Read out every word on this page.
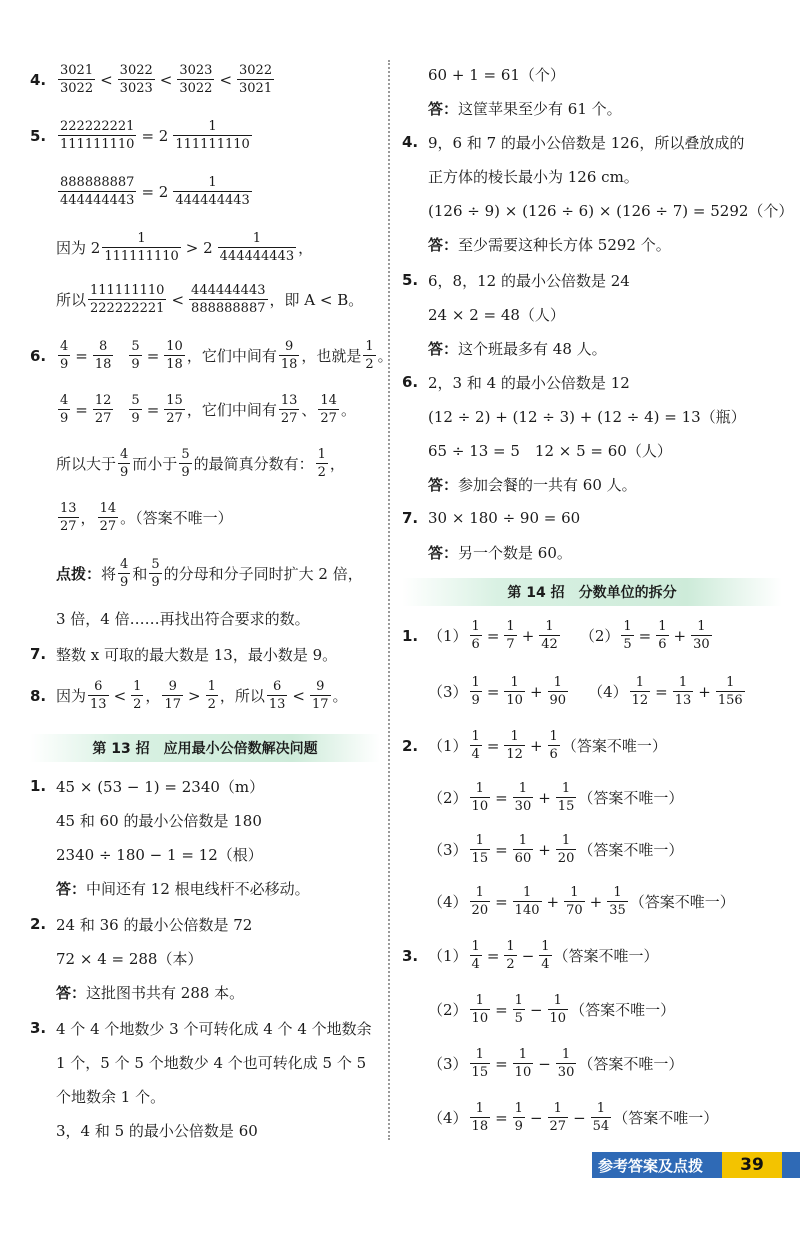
4. $\frac{3021}{3022} < \frac{3022}{3023} < \frac{3023}{3022} < \frac{3022}{3021}$
5. $\frac{222222221}{111111110} = 2 \frac{1}{111111110}$
$\frac{888888887}{444444443} = 2 \frac{1}{444444443}$
因为 $2 \frac{1}{111111110} > 2 \frac{1}{444444443}$ ，
所以 $\frac{111111110}{222222221} < \frac{444444443}{888888887}$ ，即 A < B。
6. $\frac{4}{9} = \frac{8}{18} \frac{5}{9} = \frac{10}{18}$ ，它们中间有 $\frac{9}{18}$ ，也就是 $\frac{1}{2}$ 。
$\frac{4}{9} = \frac{12}{27} \frac{5}{9} = \frac{15}{27}$ ，它们中间有 $\frac{13}{27}$ 、 $\frac{14}{27}$ 。
所以大于 $\frac{4}{9}$ 而小于 $\frac{5}{9}$ 的最简真分数有： $\frac{1}{2}$ ，
$\frac{13}{27}$ ， $\frac{14}{27}$ 。（答案不唯一）
点拨： 将 $\frac{4}{9}$ 和 $\frac{5}{9}$ 的分母和分子同时扩大 2 倍，
3 倍，4 倍……再找出符合要求的数。
7. 整数 x 可取的最大数是 13，最小数是 9。
8. 因为 $\frac{6}{13} < \frac{1}{2}$ ， $\frac{9}{17} > \frac{1}{2}$ ，所以 $\frac{6}{13} < \frac{9}{17}$ 。
第 13 招　应用最小公倍数解决问题
1. 45 × (53 − 1) = 2340（m）
45 和 60 的最小公倍数是 180
2340 ÷ 180 − 1 = 12（根）
答： 中间还有 12 根电线杆不必移动。
2. 24 和 36 的最小公倍数是 72
72 × 4 = 288（本）
答： 这批图书共有 288 本。
3. 4 个 4 个地数少 3 个可转化成 4 个 4 个地数余
1 个，5 个 5 个地数少 4 个也可转化成 5 个 5
个地数余 1 个。
3，4 和 5 的最小公倍数是 60
60 + 1 = 61（个）
答： 这筐苹果至少有 61 个。
4. 9，6 和 7 的最小公倍数是 126，所以叠放成的
正方体的棱长最小为 126 cm。
(126 ÷ 9) × (126 ÷ 6) × (126 ÷ 7) = 5292（个）
答： 至少需要这种长方体 5292 个。
5. 6，8，12 的最小公倍数是 24
24 × 2 = 48（人）
答： 这个班最多有 48 人。
6. 2，3 和 4 的最小公倍数是 12
(12 ÷ 2) + (12 ÷ 3) + (12 ÷ 4) = 13（瓶）
65 ÷ 13 = 5　12 × 5 = 60（人）
答： 参加会餐的一共有 60 人。
7. 30 × 180 ÷ 90 = 60
答： 另一个数是 60。
第 14 招　分数单位的拆分
1. $(1) \frac{1}{6} = \frac{1}{7} + \frac{1}{42} (2) \frac{1}{5} = \frac{1}{6} + \frac{1}{30}$
$(3) \frac{1}{9} = \frac{1}{10} + \frac{1}{90} (4) \frac{1}{12} = \frac{1}{13} + \frac{1}{156}$
2. $(1) \frac{1}{4} = \frac{1}{12} + \frac{1}{6}$ （答案不唯一）
$(2) \frac{1}{10} = \frac{1}{30} + \frac{1}{15}$ （答案不唯一）
$(3) \frac{1}{15} = \frac{1}{60} + \frac{1}{20}$ （答案不唯一）
$(4) \frac{1}{20} = \frac{1}{140} + \frac{1}{70} + \frac{1}{35}$ （答案不唯一）
3. $(1) \frac{1}{4} = \frac{1}{2} - \frac{1}{4}$ （答案不唯一）
$(2) \frac{1}{10} = \frac{1}{5} - \frac{1}{10}$ （答案不唯一）
$(3) \frac{1}{15} = \frac{1}{10} - \frac{1}{30}$ （答案不唯一）
$(4) \frac{1}{18} = \frac{1}{9} - \frac{1}{27} - \frac{1}{54}$ （答案不唯一）
参考答案及点拨	39
